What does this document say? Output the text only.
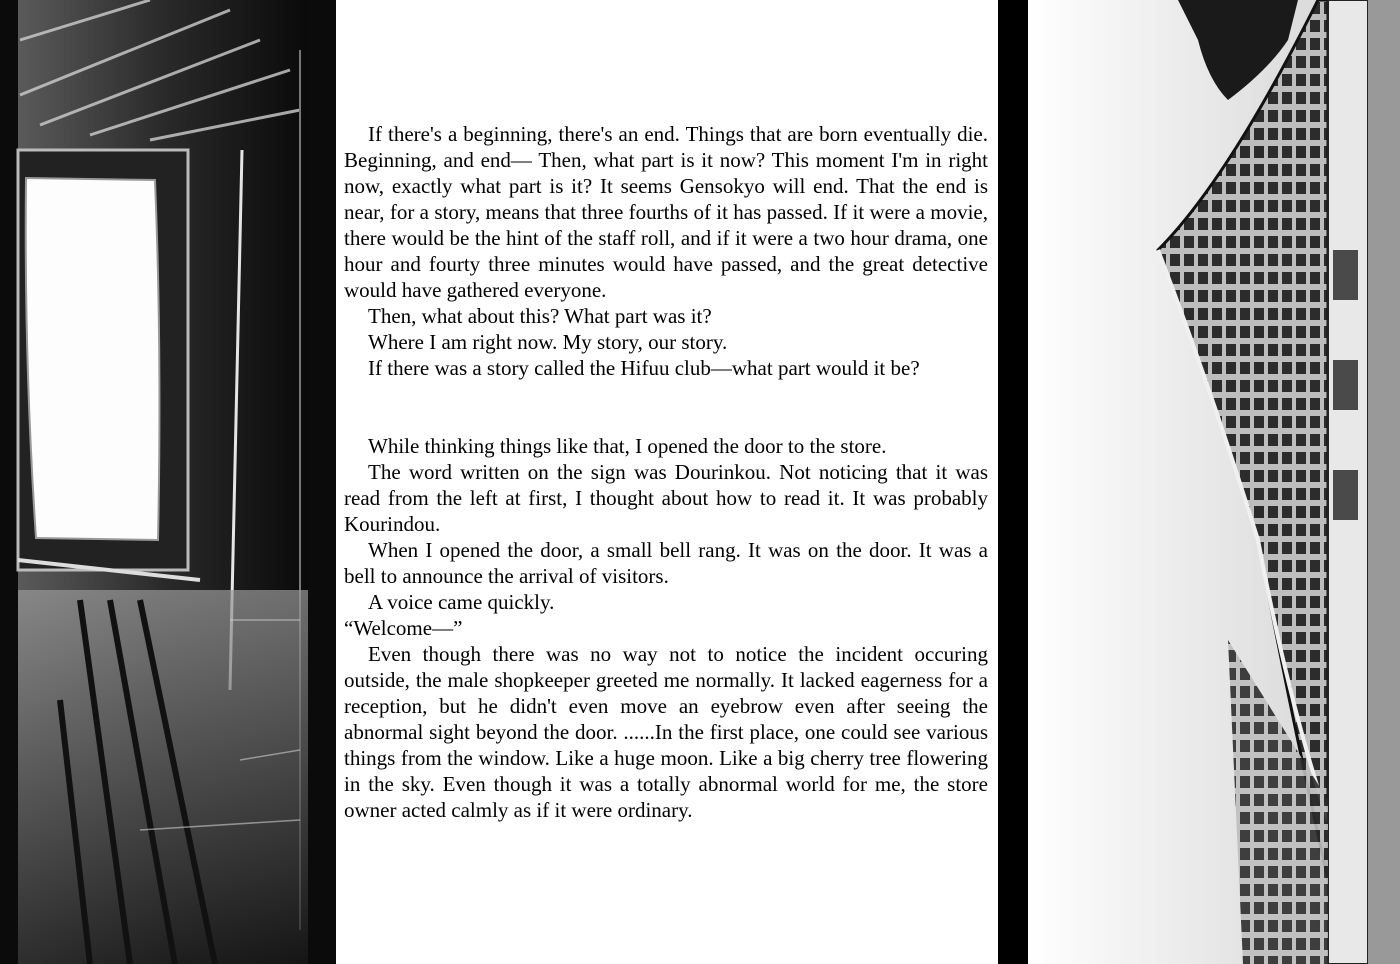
If there's a beginning, there's an end. Things that are born eventually die. Beginning, and end— Then, what part is it now? This moment I'm in right now, exactly what part is it? It seems Gensokyo will end. That the end is near, for a story, means that three fourths of it has passed. If it were a movie, there would be the hint of the staff roll, and if it were a two hour drama, one hour and fourty three minutes would have passed, and the great detective would have gathered everyone.

Then, what about this? What part was it?

Where I am right now. My story, our story.

If there was a story called the Hifuu club—what part would it be?

While thinking things like that, I opened the door to the store.

The word written on the sign was Dourinkou. Not noticing that it was read from the left at first, I thought about how to read it. It was probably Kourindou.

When I opened the door, a small bell rang. It was on the door. It was a bell to announce the arrival of visitors.

A voice came quickly.

“Welcome—”

Even though there was no way not to notice the incident occuring outside, the male shopkeeper greeted me normally. It lacked eagerness for a reception, but he didn't even move an eyebrow even after seeing the abnormal sight beyond the door. ......In the first place, one could see various things from the window. Like a huge moon. Like a big cherry tree flowering in the sky. Even though it was a totally abnormal world for me, the store owner acted calmly as if it were ordinary.
